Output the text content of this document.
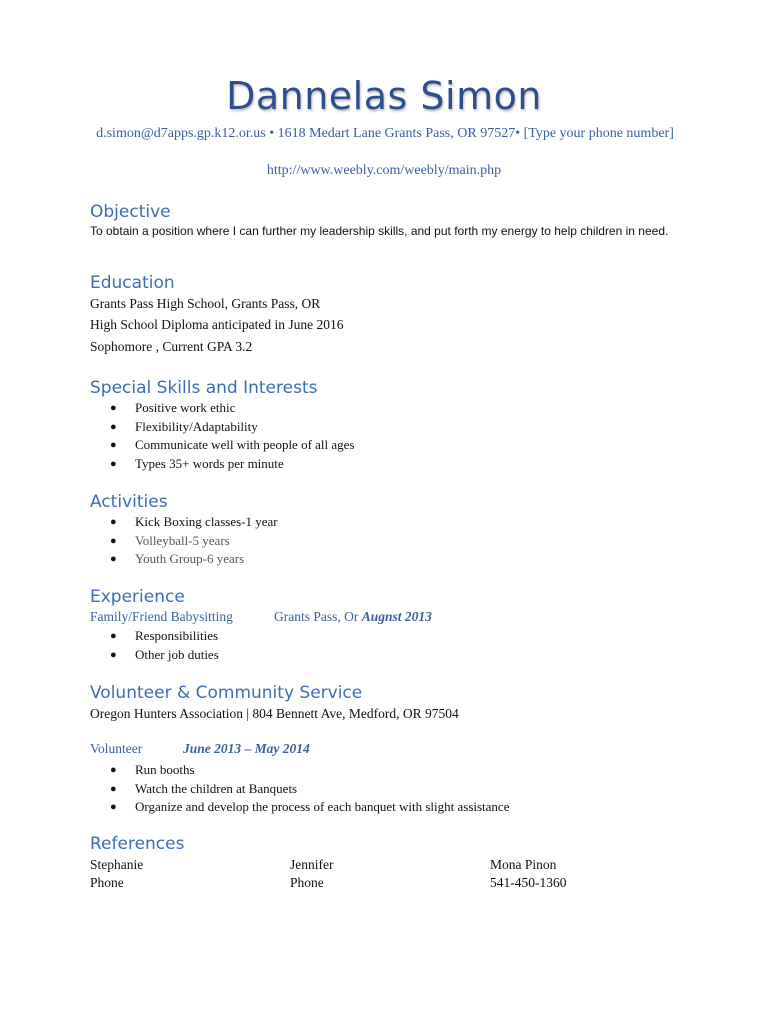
Dannelas Simon
d.simon@d7apps.gp.k12.or.us • 1618 Medart Lane Grants Pass, OR 97527• [Type your phone number]
http://www.weebly.com/weebly/main.php
Objective
To obtain a position where I can further my leadership skills, and put forth my energy to help children in need.
Education
Grants Pass High School, Grants Pass, OR
High School Diploma anticipated in June 2016
Sophomore , Current GPA 3.2
Special Skills and Interests
● Positive work ethic
● Flexibility/Adaptability
● Communicate well with people of all ages
● Types 35+ words per minute
Activities
● Kick Boxing classes-1 year
● Volleyball-5 years
● Youth Group-6 years
Experience
Family/Friend Babysitting	Grants Pass, Or Augnst 2013
● Responsibilities
● Other job duties
Volunteer & Community Service
Oregon Hunters Association | 804 Bennett Ave, Medford, OR 97504
Volunteer	June 2013 – May 2014
● Run booths
● Watch the children at Banquets
● Organize and develop the process of each banquet with slight assistance
References
Stephanie
Phone
Jennifer
Phone
Mona Pinon
541-450-1360
